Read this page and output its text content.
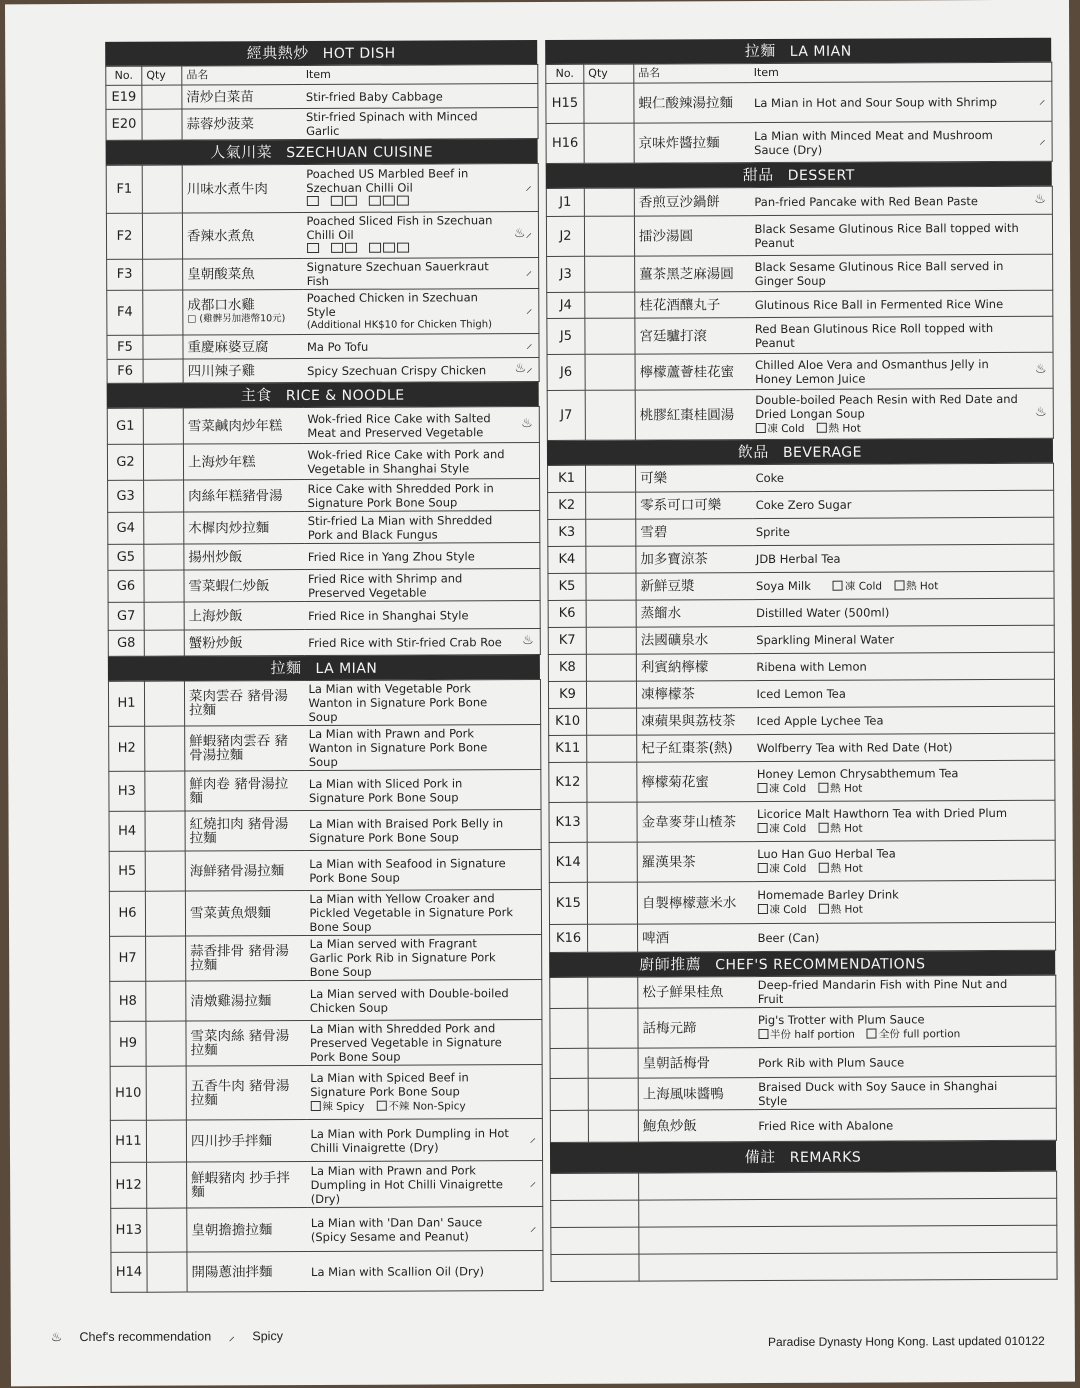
經典熱炒 HOT DISH
No.	Qty	品名	Item
E19		清炒白菜苗	Stir-fried Baby Cabbage
E20		蒜蓉炒菠菜	Stir-fried Spinach with Minced Garlic
人氣川菜 SZECHUAN CUISINE
F1		川味水煮牛肉	Poached US Marbled Beef in Szechuan Chilli Oil ⸝

F2		香辣水煮魚	Poached Sliced Fish in Szechuan Chilli Oil ♨⸝

F3		皇朝酸菜魚	Signature Szechuan Sauerkraut Fish
⸝

F4		成都口水雞
□ (雞髀另加港幣10元)	Poached Chicken in Szechuan Style
(Additional HK$10 for Chicken Thigh)
⸝

F5		重慶麻婆豆腐	Ma Po Tofu ⸝

F6		四川辣子雞	Spicy Szechuan Crispy Chicken ♨⸝
主食 RICE & NOODLE
G1		雪菜鹹肉炒年糕	Wok-fried Rice Cake with Salted Meat and Preserved Vegetable
♨

G2		上海炒年糕	Wok-fried Rice Cake with Pork and Vegetable in Shanghai Style
G3		肉絲年糕豬骨湯	Rice Cake with Shredded Pork in Signature Pork Bone Soup
G4		木樨肉炒拉麵	Stir-fried La Mian with Shredded Pork and Black Fungus
G5		揚州炒飯	Fried Rice in Yang Zhou Style
G6		雪菜蝦仁炒飯	Fried Rice with Shrimp and Preserved Vegetable
G7		上海炒飯	Fried Rice in Shanghai Style
G8		蟹粉炒飯	Fried Rice with Stir-fried Crab Roe ♨
拉麵 LA MIAN
H1		菜肉雲吞 豬骨湯拉麵	La Mian with Vegetable Pork Wanton in Signature Pork Bone Soup
H2		鮮蝦豬肉雲吞 豬骨湯拉麵	La Mian with Prawn and Pork Wanton in Signature Pork Bone Soup
H3		鮮肉卷 豬骨湯拉麵	La Mian with Sliced Pork in Signature Pork Bone Soup
H4		紅燒扣肉 豬骨湯拉麵	La Mian with Braised Pork Belly in Signature Pork Bone Soup
H5		海鮮豬骨湯拉麵	La Mian with Seafood in Signature Pork Bone Soup
H6		雪菜黃魚煨麵	La Mian with Yellow Croaker and Pickled Vegetable in Signature Pork Bone Soup
H7		蒜香排骨 豬骨湯拉麵	La Mian served with Fragrant Garlic Pork Rib in Signature Pork Bone Soup
H8		清燉雞湯拉麵	La Mian served with Double-boiled Chicken Soup
H9		雪菜肉絲 豬骨湯拉麵	La Mian with Shredded Pork and Preserved Vegetable in Signature Pork Bone Soup
H10		五香牛肉 豬骨湯拉麵	La Mian with Spiced Beef in Signature Pork Bone Soup
辣 Spicy 不辣 Non-Spicy

H11		四川抄手拌麵	La Mian with Pork Dumpling in Hot Chilli Vinaigrette (Dry)
⸝

H12		鮮蝦豬肉 抄手拌麵	La Mian with Prawn and Pork Dumpling in Hot Chilli Vinaigrette (Dry)
⸝

H13		皇朝擔擔拉麵	La Mian with 'Dan Dan' Sauce (Spicy Sesame and Peanut)
⸝

H14		開陽蔥油拌麵	La Mian with Scallion Oil (Dry)
拉麵 LA MIAN
No.	Qty	品名	Item
H15		蝦仁酸辣湯拉麵	La Mian in Hot and Sour Soup with Shrimp ⸝

H16		京味炸醬拉麵	La Mian with Minced Meat and Mushroom Sauce (Dry)
⸝
甜品 DESSERT
J1		香煎豆沙鍋餅	Pan-fried Pancake with Red Bean Paste ♨

J2		擂沙湯圓	Black Sesame Glutinous Rice Ball topped with Peanut
J3		薑茶黑芝麻湯圓	Black Sesame Glutinous Rice Ball served in Ginger Soup
J4		桂花酒釀丸子	Glutinous Rice Ball in Fermented Rice Wine
J5		宮廷驢打滾	Red Bean Glutinous Rice Roll topped with Peanut
J6		檸檬蘆薈桂花蜜	Chilled Aloe Vera and Osmanthus Jelly in Honey Lemon Juice
♨

J7		桃膠紅棗桂圓湯	Double-boiled Peach Resin with Red Date and Dried Longan Soup
凍 Cold 熱 Hot
♨
飲品 BEVERAGE
K1		可樂	Coke
K2		零系可口可樂	Coke Zero Sugar
K3		雪碧	Sprite
K4		加多寶涼茶	JDB Herbal Tea
K5		新鮮豆漿	Soya Milk 凍 Cold 熱 Hot
K6		蒸餾水	Distilled Water (500ml)
K7		法國礦泉水	Sparkling Mineral Water
K8		利賓納檸檬	Ribena with Lemon
K9		凍檸檬茶	Iced Lemon Tea
K10		凍蘋果與荔枝茶	Iced Apple Lychee Tea
K11		杞子紅棗茶(熱)	Wolfberry Tea with Red Date (Hot)
K12		檸檬菊花蜜	Honey Lemon Chrysabthemum Tea
凍 Cold 熱 Hot

K13		金韋麥芽山楂茶	Licorice Malt Hawthorn Tea with Dried Plum
凍 Cold 熱 Hot

K14		羅漢果茶	Luo Han Guo Herbal Tea
凍 Cold 熱 Hot

K15		自製檸檬薏米水	Homemade Barley Drink
凍 Cold 熱 Hot

K16		啤酒	Beer (Can)
廚師推薦 CHEF'S RECOMMENDATIONS
		松子鮮果桂魚	Deep-fried Mandarin Fish with Pine Nut and Fruit
		話梅元蹄	Pig's Trotter with Plum Sauce
半份 half portion 全份 full portion

		皇朝話梅骨	Pork Rib with Plum Sauce
		上海風味醬鴨	Braised Duck with Soy Sauce in Shanghai Style
		鮑魚炒飯	Fried Rice with Abalone
備註 REMARKS

♨ Chef's recommendation ⸝ Spicy	Paradise Dynasty Hong Kong. Last updated 010122
